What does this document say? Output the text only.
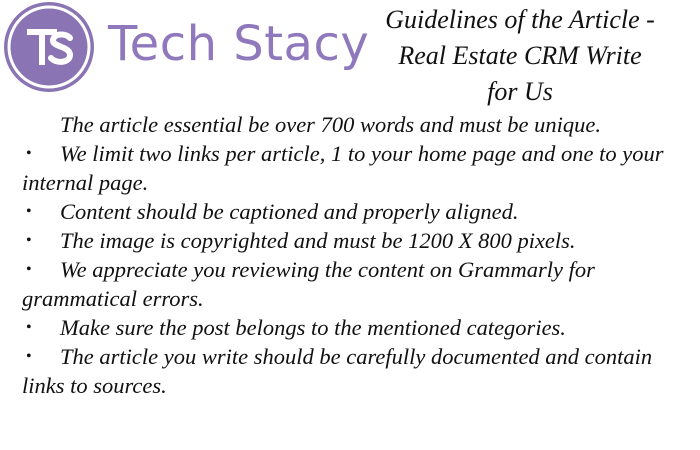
Tech Stacy Guidelines of the Article -
Real Estate CRM Write
for Us

The article essential be over 700 words and must be unique.

• We limit two links per article, 1 to your home page and one to your internal page.
• Content should be captioned and properly aligned.
• The image is copyrighted and must be 1200 X 800 pixels.
• We appreciate you reviewing the content on Grammarly for grammatical errors.
• Make sure the post belongs to the mentioned categories.
• The article you write should be carefully documented and contain links to sources.
